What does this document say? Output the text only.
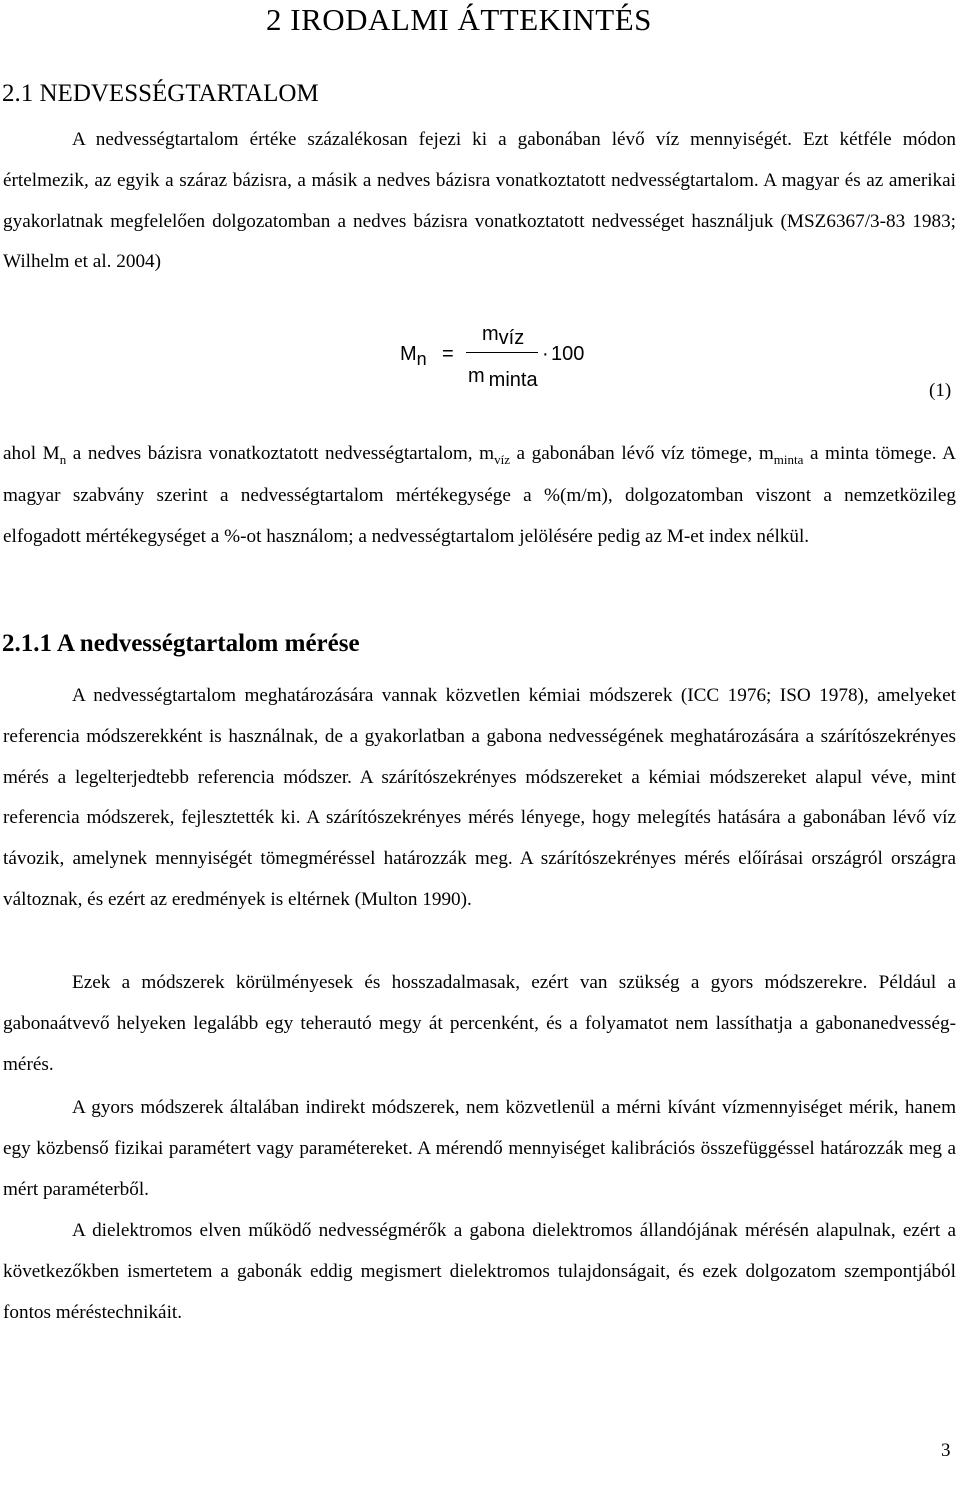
2 IRODALMI ÁTTEKINTÉS
2.1 NEDVESSÉGTARTALOM

A nedvességtartalom értéke százalékosan fejezi ki a gabonában lévő víz mennyiségét. Ezt kétféle módon értelmezik, az egyik a száraz bázisra, a másik a nedves bázisra vonatkoztatott nedvességtartalom. A magyar és az amerikai gyakorlatnak megfelelően dolgozatomban a nedves bázisra vonatkoztatott nedvességet használjuk (MSZ6367/3-83 1983; Wilhelm et al. 2004)

Mn =
mvíz
m minta
· 100
(1)

ahol $M_n$ a nedves bázisra vonatkoztatott nedvességtartalom, $m_{víz}$ a gabonában lévő víz tömege, $m_{minta}$ a minta tömege. A magyar szabvány szerint a nedvességtartalom mértékegysége a %(m/m), dolgozatomban viszont a nemzetközileg elfogadott mértékegységet a %-ot használom; a nedvességtartalom jelölésére pedig az M-et index nélkül.

2.1.1 A nedvességtartalom mérése

A nedvességtartalom meghatározására vannak közvetlen kémiai módszerek (ICC 1976; ISO 1978), amelyeket referencia módszerekként is használnak, de a gyakorlatban a gabona nedvességének meghatározására a szárítószekrényes mérés a legelterjedtebb referencia módszer. A szárítószekrényes módszereket a kémiai módszereket alapul véve, mint referencia módszerek, fejlesztették ki. A szárítószekrényes mérés lényege, hogy melegítés hatására a gabonában lévő víz távozik, amelynek mennyiségét tömegméréssel határozzák meg. A szárítószekrényes mérés előírásai országról országra változnak, és ezért az eredmények is eltérnek (Multon 1990).

Ezek a módszerek körülményesek és hosszadalmasak, ezért van szükség a gyors módszerekre. Például a gabonaátvevő helyeken legalább egy teherautó megy át percenként, és a folyamatot nem lassíthatja a gabonanedvesség-mérés.

A gyors módszerek általában indirekt módszerek, nem közvetlenül a mérni kívánt vízmennyiséget mérik, hanem egy közbenső fizikai paramétert vagy paramétereket. A mérendő mennyiséget kalibrációs összefüggéssel határozzák meg a mért paraméterből.

A dielektromos elven működő nedvességmérők a gabona dielektromos állandójának mérésén alapulnak, ezért a következőkben ismertetem a gabonák eddig megismert dielektromos tulajdonságait, és ezek dolgozatom szempontjából fontos méréstechnikáit.

3
